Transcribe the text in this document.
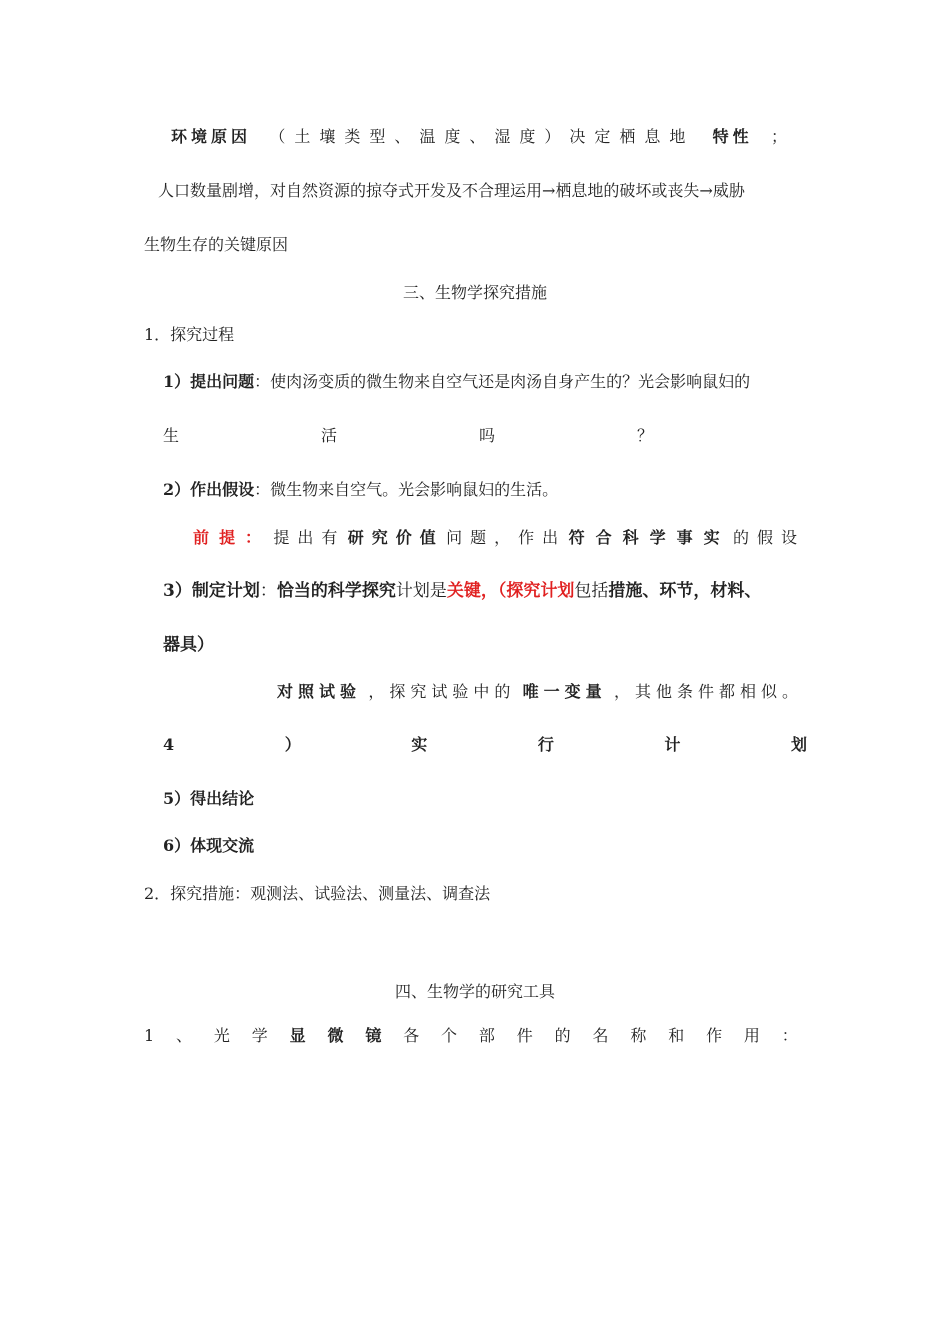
环境原因 （土壤类型、温度、湿度）决定栖息地 特性 ；
人口数量剧增，对自然资源的掠夺式开发及不合理运用→栖息地的破坏或丧失→威胁
生物生存的关键原因
三、生物学探究措施
1．探究过程
1）提出问题：使肉汤变质的微生物来自空气还是肉汤自身产生的？光会影响鼠妇的
生	活	吗	？
2）作出假设：微生物来自空气。光会影响鼠妇的生活。
前提： 提出有 研究价值 问题，作出 符合科学事实 的假设
3）制定计划：恰当的科学探究计划是关键，（探究计划包括措施、环节，材料、
器具）
对照试验 ，探究试验中的 唯一变量 ，其他条件都相似。
4	）	实	行	计	划
5）得出结论
6）体现交流
2．探究措施：观测法、试验法、测量法、调查法
四、生物学的研究工具
1 、 光 学 显 微 镜 各 个 部 件 的 名 称 和 作 用 ：
